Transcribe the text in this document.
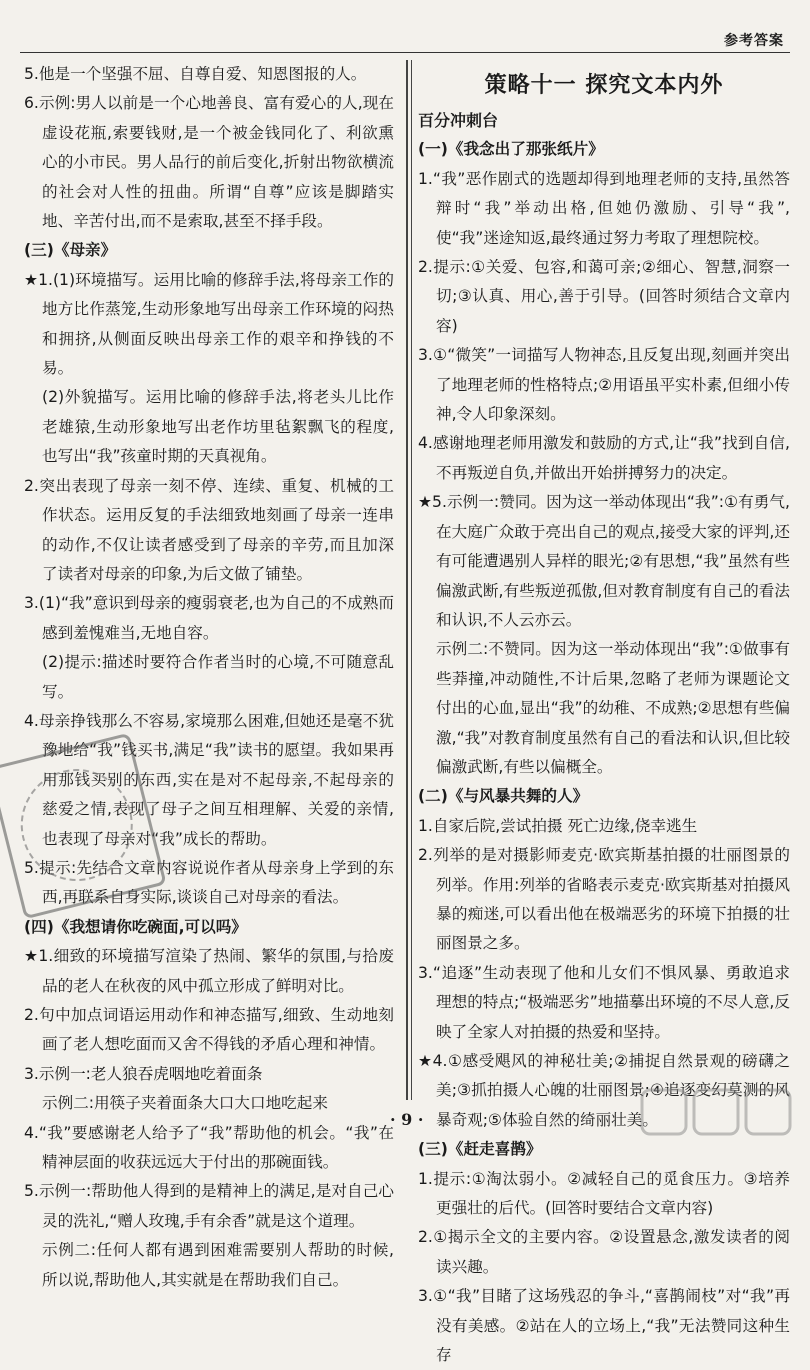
参考答案

5.他是一个坚强不屈、自尊自爱、知恩图报的人。

6.示例:男人以前是一个心地善良、富有爱心的人,现在虚设花瓶,索要钱财,是一个被金钱同化了、利欲熏心的小市民。男人品行的前后变化,折射出物欲横流的社会对人性的扭曲。所谓“自尊”应该是脚踏实地、辛苦付出,而不是索取,甚至不择手段。

(三)《母亲》

★1.(1)环境描写。运用比喻的修辞手法,将母亲工作的地方比作蒸笼,生动形象地写出母亲工作环境的闷热和拥挤,从侧面反映出母亲工作的艰辛和挣钱的不易。

(2)外貌描写。运用比喻的修辞手法,将老头儿比作老雄猿,生动形象地写出老作坊里毡絮飘飞的程度,也写出“我”孩童时期的天真视角。

2.突出表现了母亲一刻不停、连续、重复、机械的工作状态。运用反复的手法细致地刻画了母亲一连串的动作,不仅让读者感受到了母亲的辛劳,而且加深了读者对母亲的印象,为后文做了铺垫。

3.(1)“我”意识到母亲的瘦弱衰老,也为自己的不成熟而感到羞愧难当,无地自容。

(2)提示:描述时要符合作者当时的心境,不可随意乱写。

4.母亲挣钱那么不容易,家境那么困难,但她还是毫不犹豫地给“我”钱买书,满足“我”读书的愿望。我如果再用那钱买别的东西,实在是对不起母亲,不起母亲的慈爱之情,表现了母子之间互相理解、关爱的亲情,也表现了母亲对“我”成长的帮助。

5.提示:先结合文章内容说说作者从母亲身上学到的东西,再联系自身实际,谈谈自己对母亲的看法。

(四)《我想请你吃碗面,可以吗》

★1.细致的环境描写渲染了热闹、繁华的氛围,与拾废品的老人在秋夜的风中孤立形成了鲜明对比。

2.句中加点词语运用动作和神态描写,细致、生动地刻画了老人想吃面而又舍不得钱的矛盾心理和神情。

3.示例一:老人狼吞虎咽地吃着面条

示例二:用筷子夹着面条大口大口地吃起来

4.“我”要感谢老人给予了“我”帮助他的机会。“我”在精神层面的收获远远大于付出的那碗面钱。

5.示例一:帮助他人得到的是精神上的满足,是对自己心灵的洗礼,“赠人玫瑰,手有余香”就是这个道理。

示例二:任何人都有遇到困难需要别人帮助的时候,所以说,帮助他人,其实就是在帮助我们自己。

策略十一 探究文本内外
百分冲刺台

(一)《我念出了那张纸片》

1.“我”恶作剧式的选题却得到地理老师的支持,虽然答辩时“我”举动出格,但她仍激励、引导“我”,使“我”迷途知返,最终通过努力考取了理想院校。

2.提示:①关爱、包容,和蔼可亲;②细心、智慧,洞察一切;③认真、用心,善于引导。(回答时须结合文章内容)

3.①“微笑”一词描写人物神态,且反复出现,刻画并突出了地理老师的性格特点;②用语虽平实朴素,但细小传神,令人印象深刻。

4.感谢地理老师用激发和鼓励的方式,让“我”找到自信,不再叛逆自负,并做出开始拼搏努力的决定。

★5.示例一:赞同。因为这一举动体现出“我”:①有勇气,在大庭广众敢于亮出自己的观点,接受大家的评判,还有可能遭遇别人异样的眼光;②有思想,“我”虽然有些偏激武断,有些叛逆孤傲,但对教育制度有自己的看法和认识,不人云亦云。

示例二:不赞同。因为这一举动体现出“我”:①做事有些莽撞,冲动随性,不计后果,忽略了老师为课题论文付出的心血,显出“我”的幼稚、不成熟;②思想有些偏激,“我”对教育制度虽然有自己的看法和认识,但比较偏激武断,有些以偏概全。

(二)《与风暴共舞的人》

1.自家后院,尝试拍摄 死亡边缘,侥幸逃生

2.列举的是对摄影师麦克·欧宾斯基拍摄的壮丽图景的列举。作用:列举的省略表示麦克·欧宾斯基对拍摄风暴的痴迷,可以看出他在极端恶劣的环境下拍摄的壮丽图景之多。

3.“追逐”生动表现了他和儿女们不惧风暴、勇敢追求理想的特点;“极端恶劣”地描摹出环境的不尽人意,反映了全家人对拍摄的热爱和坚持。

★4.①感受飓风的神秘壮美;②捕捉自然景观的磅礴之美;③抓拍摄人心魄的壮丽图景;④追逐变幻莫测的风暴奇观;⑤体验自然的绮丽壮美。

(三)《赶走喜鹊》

1.提示:①淘汰弱小。②减轻自己的觅食压力。③培养更强壮的后代。(回答时要结合文章内容)

2.①揭示全文的主要内容。②设置悬念,激发读者的阅读兴趣。

3.①“我”目睹了这场残忍的争斗,“喜鹊闹枝”对“我”再没有美感。②站在人的立场上,“我”无法赞同这种生存

· 9 ·
